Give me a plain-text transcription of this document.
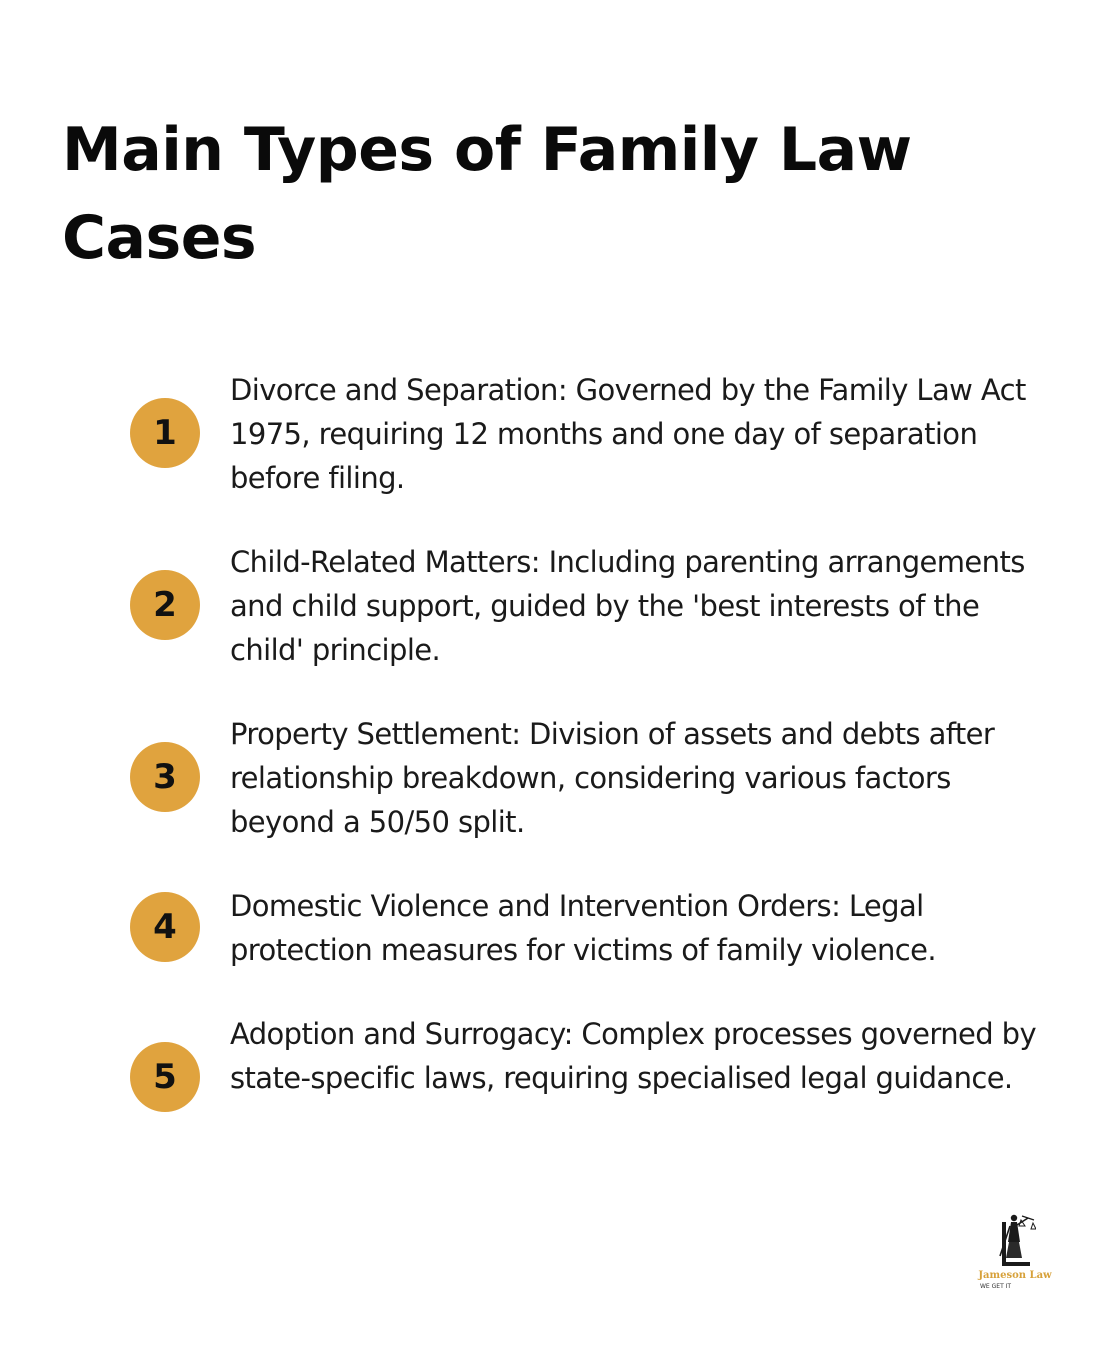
Main Types of Family Law Cases
1

Divorce and Separation: Governed by the Family Law Act 1975, requiring 12 months and one day of separation before filing.

2

Child-Related Matters: Including parenting arrangements and child support, guided by the 'best interests of the child' principle.

3

Property Settlement: Division of assets and debts after relationship breakdown, considering various factors beyond a 50/50 split.

4

Domestic Violence and Intervention Orders: Legal protection measures for victims of family violence.

5

Adoption and Surrogacy: Complex processes governed by state-specific laws, requiring specialised legal guidance.

Jameson Law
WE GET IT
